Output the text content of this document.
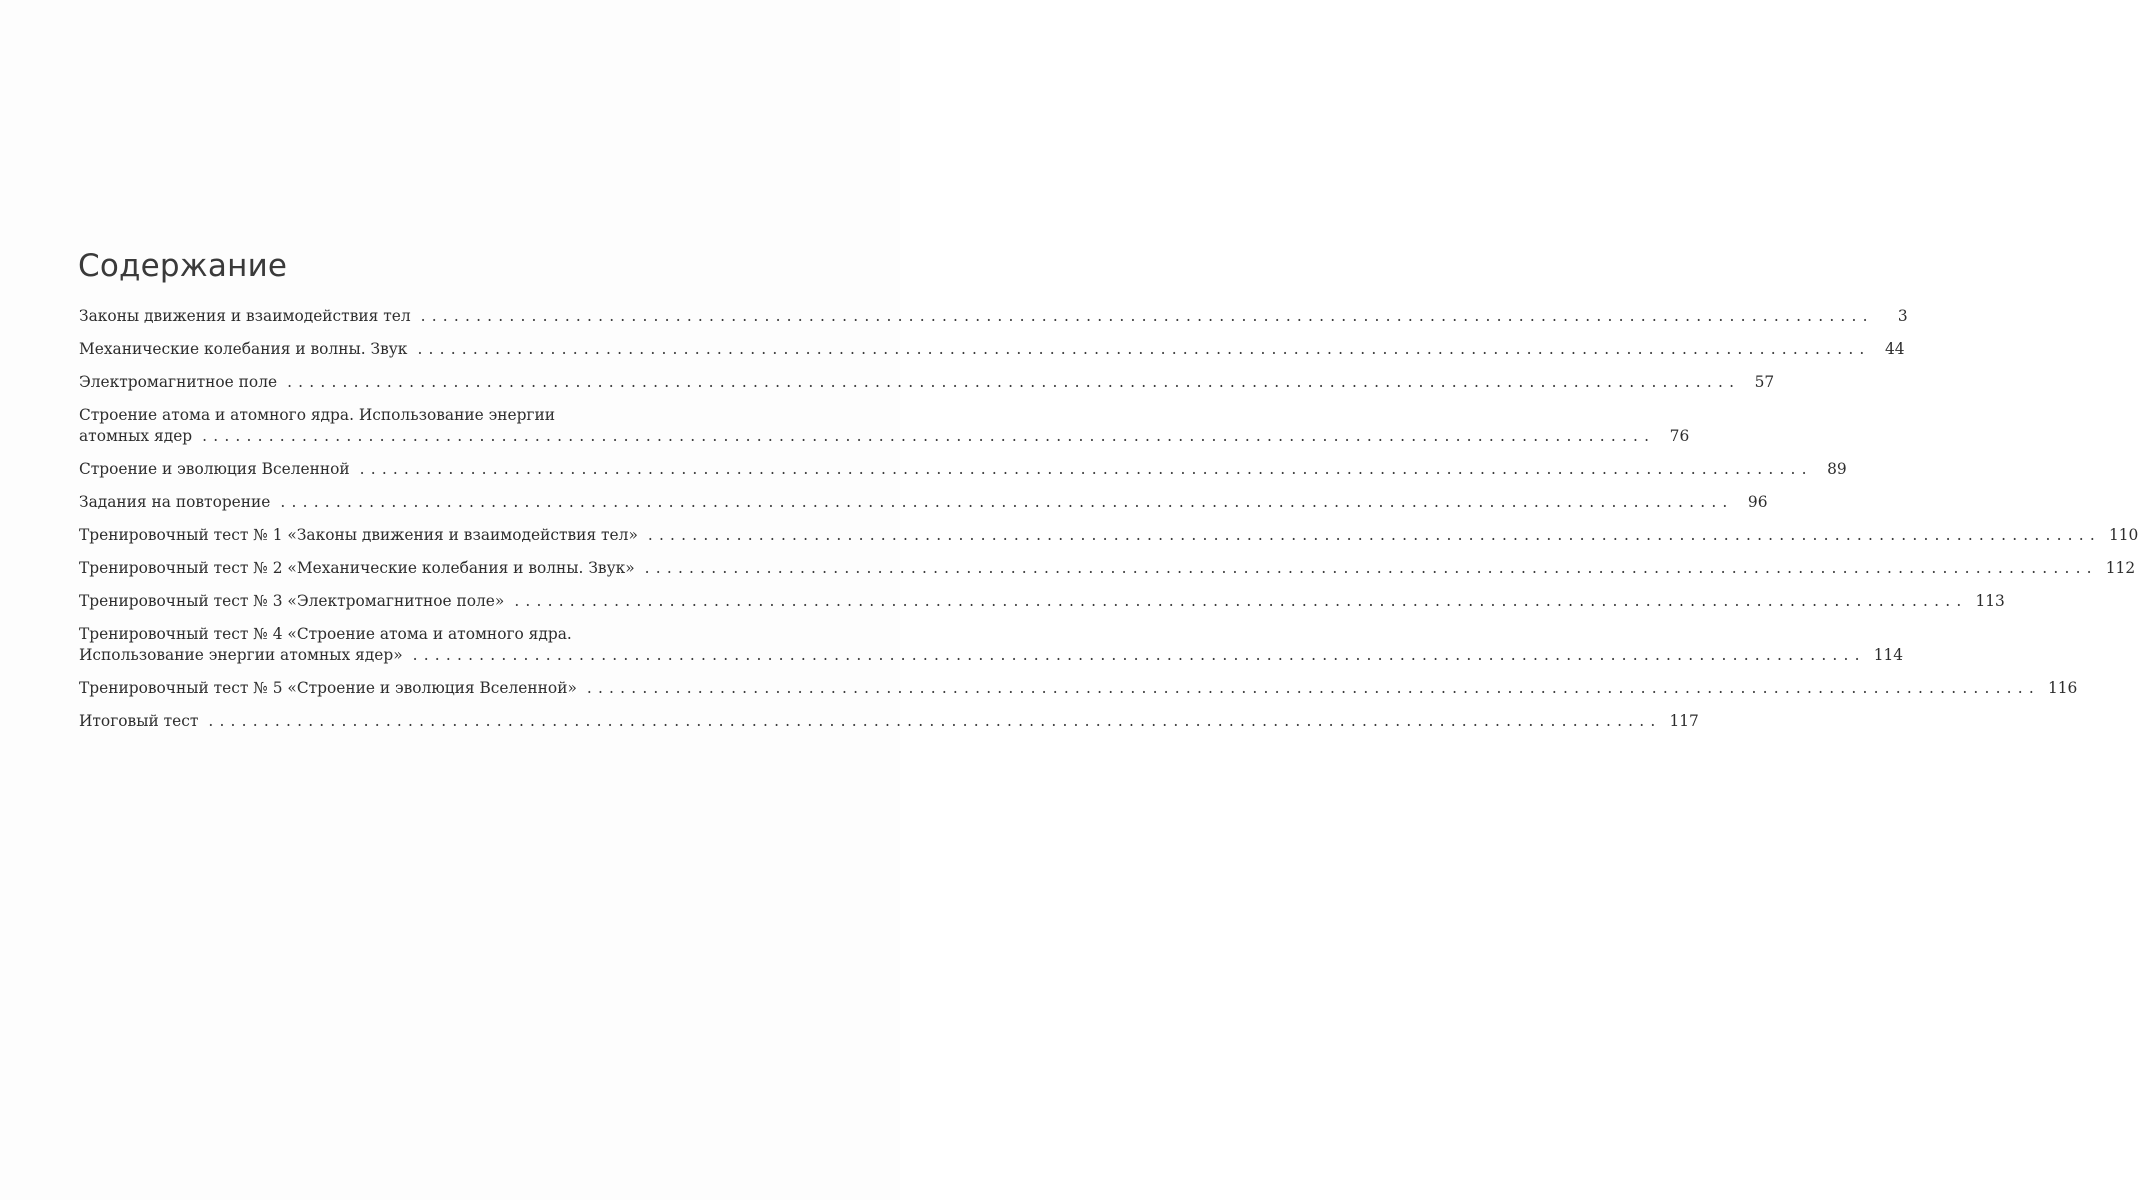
Содержание
Законы движения и взаимодействия тел ...................................................................................................................................	3
Механические колебания и волны. Звук ................................................................................................................................... 44
Электромагнитное поле ................................................................................................................................... 57
Строение атома и атомного ядра. Использование энергии
атомных ядер ................................................................................................................................... 76
Строение и эволюция Вселенной ................................................................................................................................... 89
Задания на повторение ................................................................................................................................... 96
Тренировочный тест № 1 «Законы движения и взаимодействия тел» ................................................................................................................................... 110
Тренировочный тест № 2 «Механические колебания и волны. Звук» ................................................................................................................................... 112
Тренировочный тест № 3 «Электромагнитное поле» ................................................................................................................................... 113
Тренировочный тест № 4 «Строение атома и атомного ядра.
Использование энергии атомных ядер» ................................................................................................................................... 114
Тренировочный тест № 5 «Строение и эволюция Вселенной» ................................................................................................................................... 116
Итоговый тест ................................................................................................................................... 117
